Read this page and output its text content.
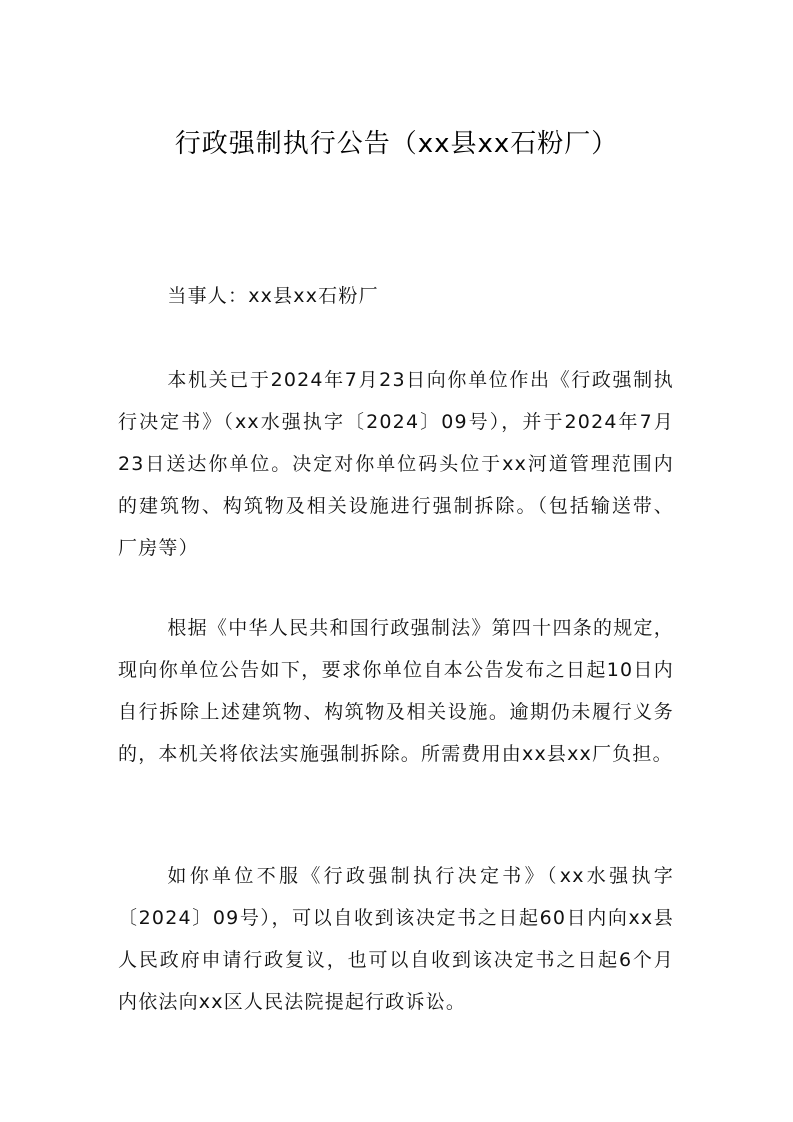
行政强制执行公告（xx县xx石粉厂）

当事人：xx县xx石粉厂

本机关已于2024年7月23日向你单位作出《行政强制执行决定书》（xx水强执字〔2024〕09号），并于2024年7月23日送达你单位。决定对你单位码头位于xx河道管理范围内的建筑物、构筑物及相关设施进行强制拆除。（包括输送带、厂房等）

根据《中华人民共和国行政强制法》第四十四条的规定，现向你单位公告如下，要求你单位自本公告发布之日起10日内自行拆除上述建筑物、构筑物及相关设施。逾期仍未履行义务的，本机关将依法实施强制拆除。所需费用由xx县xx厂负担。

如你单位不服《行政强制执行决定书》（xx水强执字〔2024〕09号），可以自收到该决定书之日起60日内向xx县人民政府申请行政复议，也可以自收到该决定书之日起6个月内依法向xx区人民法院提起行政诉讼。
